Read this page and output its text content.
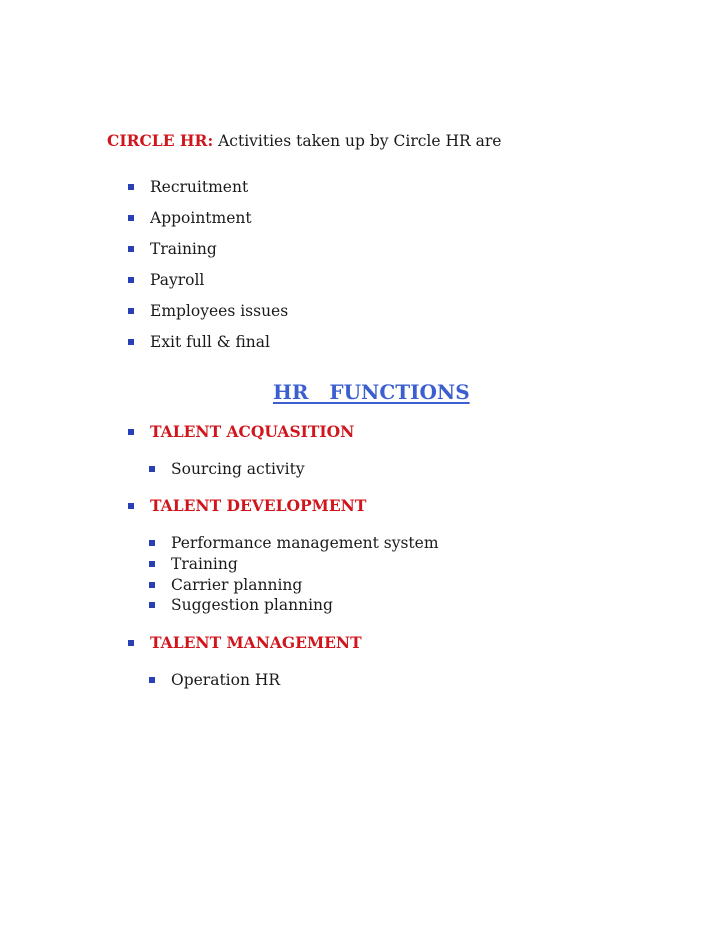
CIRCLE HR: Activities taken up by Circle HR are
Recruitment
Appointment
Training
Payroll
Employees issues
Exit full & final
HR   FUNCTIONS
TALENT ACQUASITION
Sourcing activity
TALENT DEVELOPMENT
Performance management system
Training
Carrier planning
Suggestion planning
TALENT MANAGEMENT
Operation HR
